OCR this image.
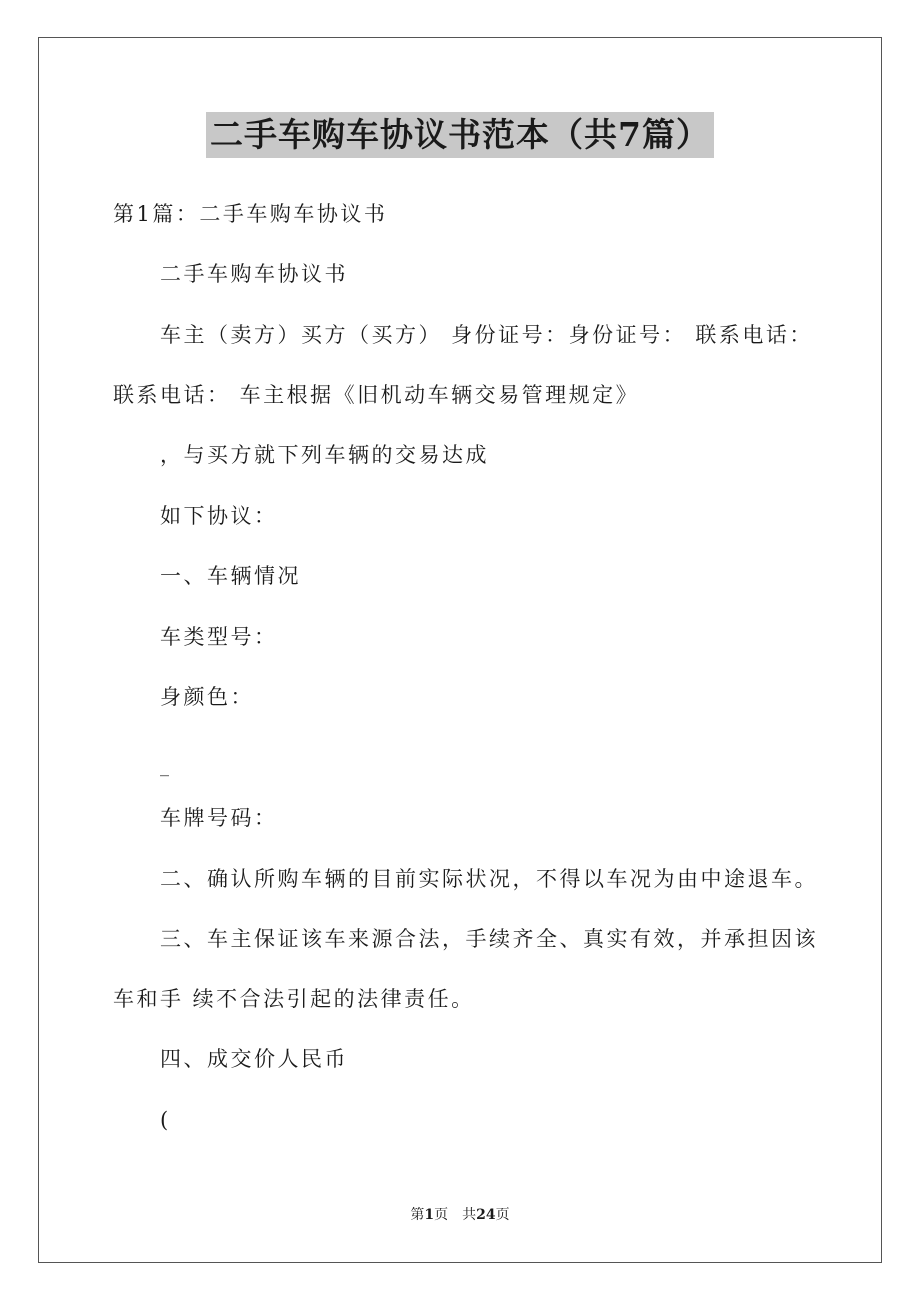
二手车购车协议书范本（共7篇）
第1篇：二手车购车协议书
二手车购车协议书
车主（卖方）买方（买方） 身份证号：身份证号： 联系电话：
联系电话： 车主根据《旧机动车辆交易管理规定》
，与买方就下列车辆的交易达成
如下协议：
一、车辆情况
车类型号：
身颜色：
_
车牌号码：
二、确认所购车辆的目前实际状况，不得以车况为由中途退车。
三、车主保证该车来源合法，手续齐全、真实有效，并承担因该
车和手 续不合法引起的法律责任。
四、成交价人民币
(
第1页　共24页
